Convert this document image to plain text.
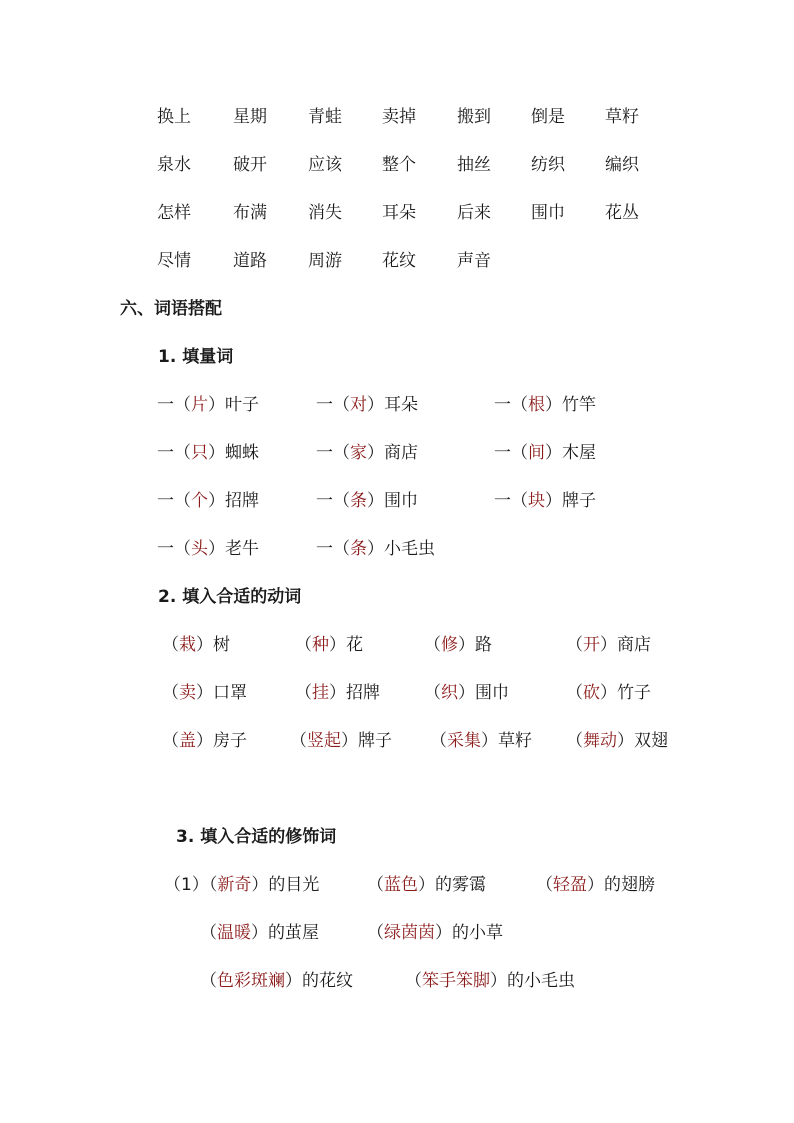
换上 星期 青蛙 卖掉 搬到 倒是 草籽
泉水 破开 应该 整个 抽丝 纺织 编织
怎样 布满 消失 耳朵 后来 围巾 花丛
尽情 道路 周游 花纹 声音
六、词语搭配
1. 填量词
一（片）叶子	一（对）耳朵	一（根）竹竿
一（只）蜘蛛	一（家）商店	一（间）木屋
一（个）招牌	一（条）围巾	一（块）牌子
一（头）老牛	一（条）小毛虫
2. 填入合适的动词
（栽）树	（种）花	（修）路	（开）商店
（卖）口罩	（挂）招牌	（织）围巾	（砍）竹子
（盖）房子	（竖起）牌子 （采集）草籽 （舞动）双翅
3. 填入合适的修饰词
（1）（新奇）的目光	（蓝色）的雾霭	（轻盈）的翅膀
（温暖）的茧屋	（绿茵茵）的小草
（色彩斑斓）的花纹	（笨手笨脚）的小毛虫
